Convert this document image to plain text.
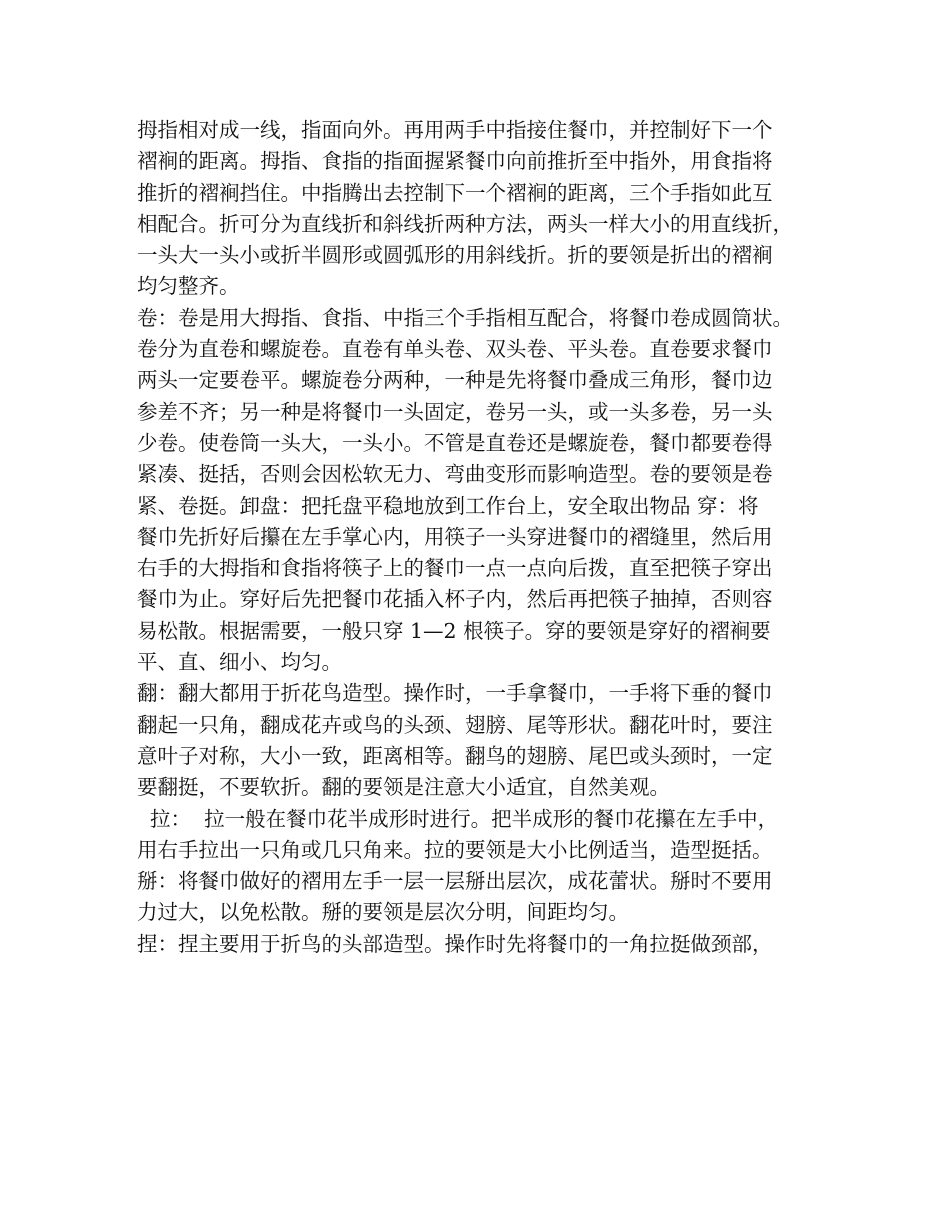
拇指相对成一线，指面向外。再用两手中指接住餐巾，并控制好下一个
褶裥的距离。拇指、食指的指面握紧餐巾向前推折至中指外，用食指将
推折的褶裥挡住。中指腾出去控制下一个褶裥的距离，三个手指如此互
相配合。折可分为直线折和斜线折两种方法，两头一样大小的用直线折，
一头大一头小或折半圆形或圆弧形的用斜线折。折的要领是折出的褶裥
均匀整齐。
卷：卷是用大拇指、食指、中指三个手指相互配合，将餐巾卷成圆筒状。
卷分为直卷和螺旋卷。直卷有单头卷、双头卷、平头卷。直卷要求餐巾
两头一定要卷平。螺旋卷分两种，一种是先将餐巾叠成三角形，餐巾边
参差不齐；另一种是将餐巾一头固定，卷另一头，或一头多卷，另一头
少卷。使卷筒一头大，一头小。不管是直卷还是螺旋卷，餐巾都要卷得
紧凑、挺括，否则会因松软无力、弯曲变形而影响造型。卷的要领是卷
紧、卷挺。卸盘：把托盘平稳地放到工作台上，安全取出物品 穿：将
餐巾先折好后攥在左手掌心内，用筷子一头穿进餐巾的褶缝里，然后用
右手的大拇指和食指将筷子上的餐巾一点一点向后拨，直至把筷子穿出
餐巾为止。穿好后先把餐巾花插入杯子内，然后再把筷子抽掉，否则容
易松散。根据需要，一般只穿 1—2 根筷子。穿的要领是穿好的褶裥要
平、直、细小、均匀。
翻：翻大都用于折花鸟造型。操作时，一手拿餐巾，一手将下垂的餐巾
翻起一只角，翻成花卉或鸟的头颈、翅膀、尾等形状。翻花叶时，要注
意叶子对称，大小一致，距离相等。翻鸟的翅膀、尾巴或头颈时，一定
要翻挺，不要软折。翻的要领是注意大小适宜，自然美观。
拉：  拉一般在餐巾花半成形时进行。把半成形的餐巾花攥在左手中，
用右手拉出一只角或几只角来。拉的要领是大小比例适当，造型挺括。
掰：将餐巾做好的褶用左手一层一层掰出层次，成花蕾状。掰时不要用
力过大，以免松散。掰的要领是层次分明，间距均匀。
捏：捏主要用于折鸟的头部造型。操作时先将餐巾的一角拉挺做颈部，
